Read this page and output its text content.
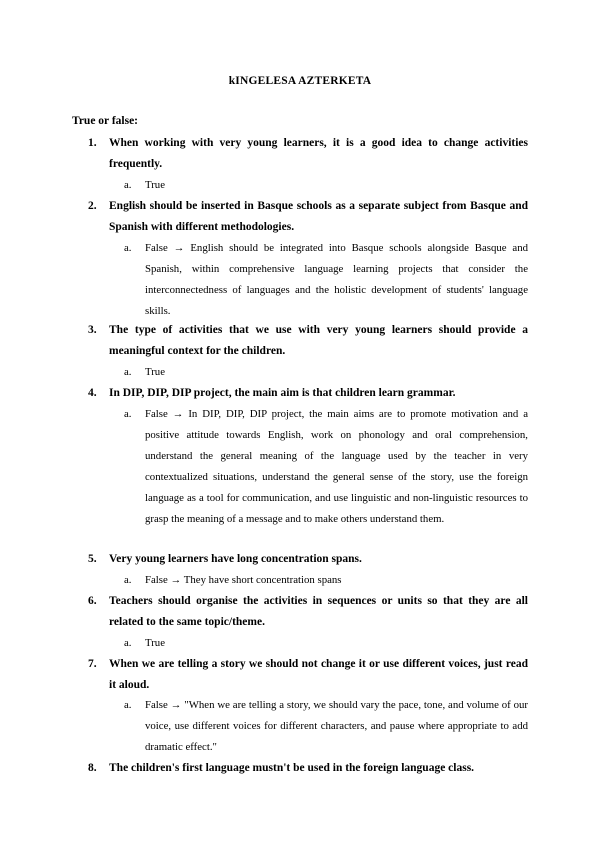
kINGELESA AZTERKETA
True or false:
1. When working with very young learners, it is a good idea to change activities frequently.
a. True
2. English should be inserted in Basque schools as a separate subject from Basque and Spanish with different methodologies.
a. False → English should be integrated into Basque schools alongside Basque and Spanish, within comprehensive language learning projects that consider the interconnectedness of languages and the holistic development of students' language skills.
3. The type of activities that we use with very young learners should provide a meaningful context for the children.
a. True
4. In DIP, DIP, DIP project, the main aim is that children learn grammar.
a. False → In DIP, DIP, DIP project, the main aims are to promote motivation and a positive attitude towards English, work on phonology and oral comprehension, understand the general meaning of the language used by the teacher in very contextualized situations, understand the general sense of the story, use the foreign language as a tool for communication, and use linguistic and non-linguistic resources to grasp the meaning of a message and to make others understand them.
5. Very young learners have long concentration spans.
a. False → They have short concentration spans
6. Teachers should organise the activities in sequences or units so that they are all related to the same topic/theme.
a. True
7. When we are telling a story we should not change it or use different voices, just read it aloud.
a. False → "When we are telling a story, we should vary the pace, tone, and volume of our voice, use different voices for different characters, and pause where appropriate to add dramatic effect."
8. The children's first language mustn't be used in the foreign language class.
